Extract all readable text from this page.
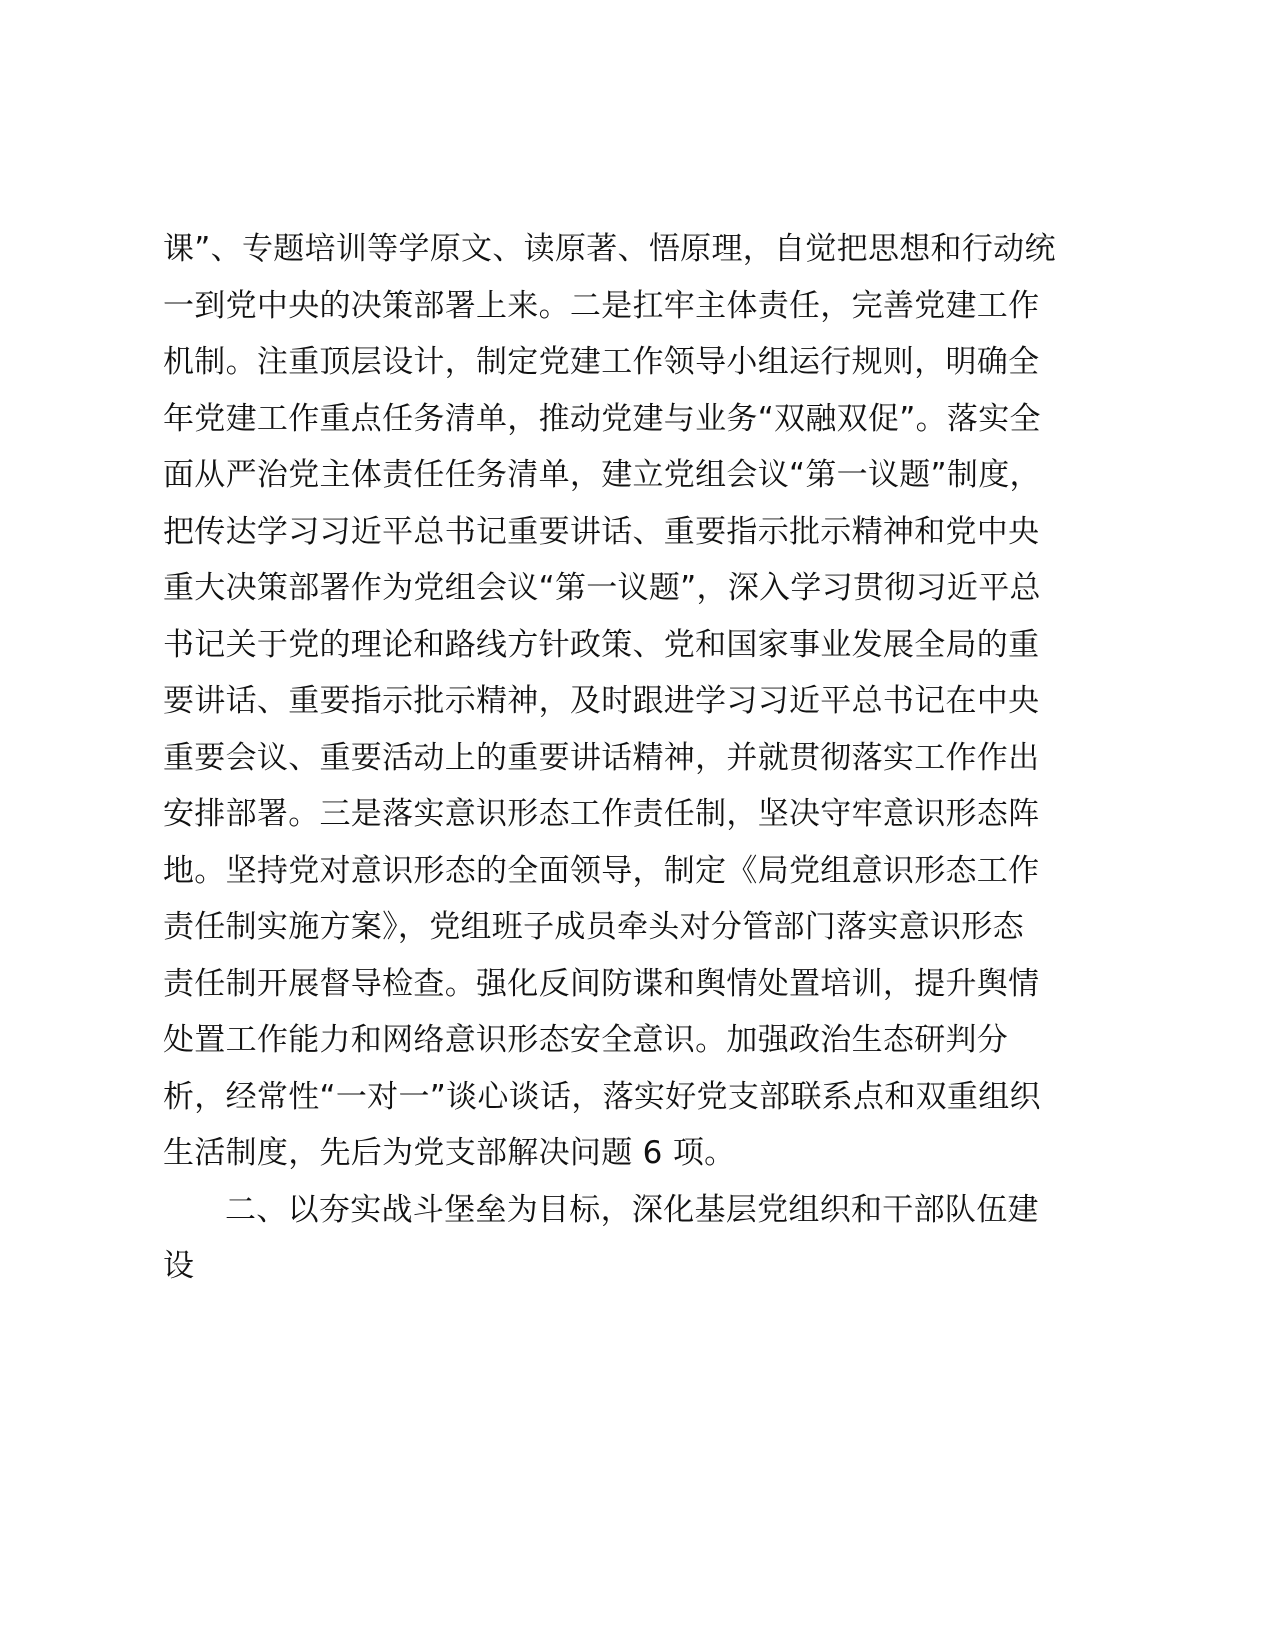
课”、专题培训等学原文、读原著、悟原理，自觉把思想和行动统
一到党中央的决策部署上来。二是扛牢主体责任，完善党建工作
机制。注重顶层设计，制定党建工作领导小组运行规则，明确全
年党建工作重点任务清单，推动党建与业务“双融双促”。落实全
面从严治党主体责任任务清单，建立党组会议“第一议题”制度，
把传达学习习近平总书记重要讲话、重要指示批示精神和党中央
重大决策部署作为党组会议“第一议题”，深入学习贯彻习近平总
书记关于党的理论和路线方针政策、党和国家事业发展全局的重
要讲话、重要指示批示精神，及时跟进学习习近平总书记在中央
重要会议、重要活动上的重要讲话精神，并就贯彻落实工作作出
安排部署。三是落实意识形态工作责任制，坚决守牢意识形态阵
地。坚持党对意识形态的全面领导，制定《局党组意识形态工作
责任制实施方案》，党组班子成员牵头对分管部门落实意识形态
责任制开展督导检查。强化反间防谍和舆情处置培训，提升舆情
处置工作能力和网络意识形态安全意识。加强政治生态研判分
析，经常性“一对一”谈心谈话，落实好党支部联系点和双重组织
生活制度，先后为党支部解决问题 6 项。
二、以夯实战斗堡垒为目标，深化基层党组织和干部队伍建
设
